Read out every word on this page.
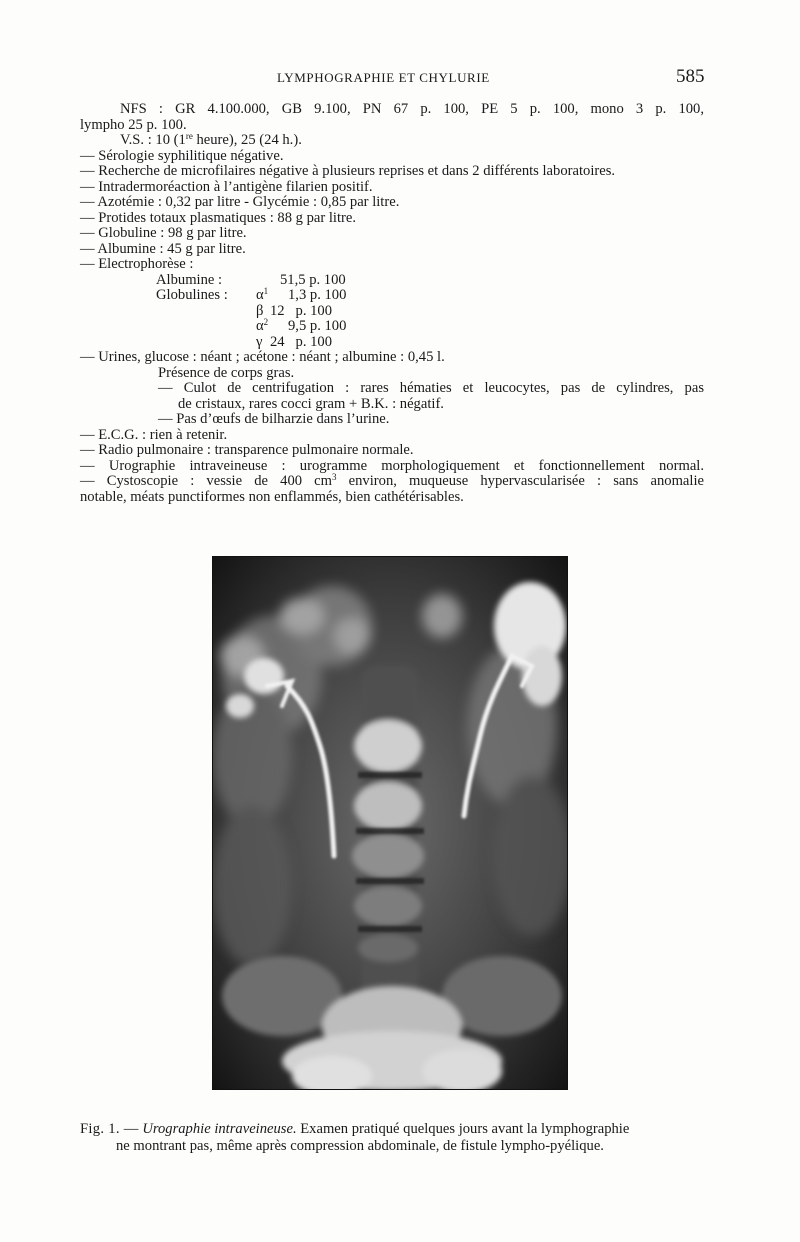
LYMPHOGRAPHIE ET CHYLURIE	585
NFS : GR 4.100.000, GB 9.100, PN 67 p. 100, PE 5 p. 100, mono 3 p. 100,
lympho 25 p. 100.
V.S. : 10 (1re heure), 25 (24 h.).
— Sérologie syphilitique négative.
— Recherche de microfilaires négative à plusieurs reprises et dans 2 différents laboratoires.
— Intradermoréaction à l’antigène filarien positif.
— Azotémie : 0,32 par litre - Glycémie : 0,85 par litre.
— Protides totaux plasmatiques : 88 g par litre.
— Globuline : 98 g par litre.
— Albumine : 45 g par litre.
— Electrophorèse :
Albumine :	51,5 p. 100
Globulines : $\alpha^1$ 1,3 p. 100
β 12   p. 100
$\alpha^2$ 9,5 p. 100
γ 24   p. 100
— Urines, glucose : néant ; acétone : néant ; albumine : 0,45 l.
Présence de corps gras.
— Culot de centrifugation : rares hématies et leucocytes, pas de cylindres, pas
de cristaux, rares cocci gram + B.K. : négatif.
— Pas d’œufs de bilharzie dans l’urine.
— E.C.G. : rien à retenir.
— Radio pulmonaire : transparence pulmonaire normale.
— Urographie intraveineuse : urogramme morphologiquement et fonctionnellement normal.
— Cystoscopie : vessie de 400 $cm^3$ environ, muqueuse hypervascularisée : sans anomalie
notable, méats punctiformes non enflammés, bien cathétérisables.
Fig. 1. — Urographie intraveineuse. Examen pratiqué quelques jours avant la lymphographie
ne montrant pas, même après compression abdominale, de fistule lympho-pyélique.
